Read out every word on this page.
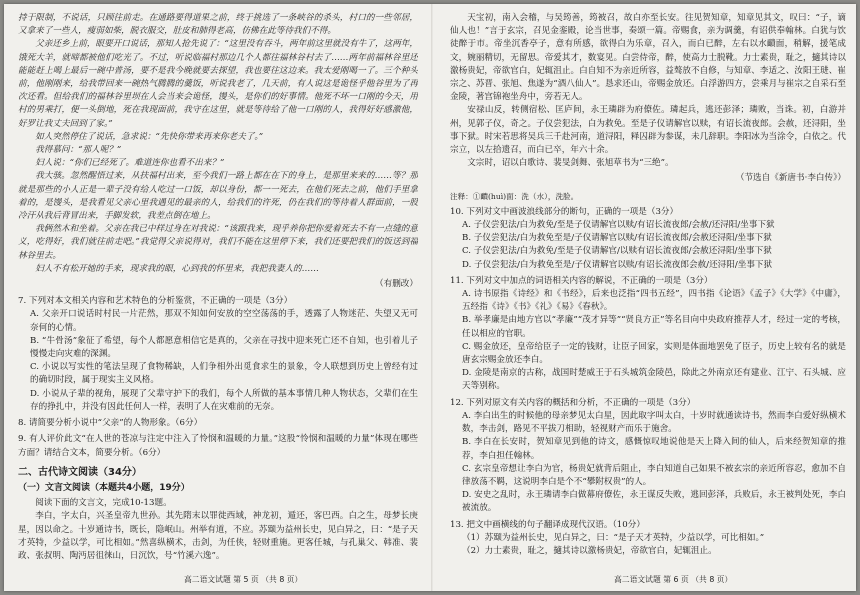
持于限制，不说话，只顾往前走。在通路要得道果之前，终于挑选了一条峡谷的杀头，村口的一些邻居，又拿来了一些人，瘦弱如柴，脱衣服交，肚皮和肺得老高，仿佛在此等待我们不得。

父亲还乡上前，眼要开口说话，那知人抢先说了：“这里没有吞斗，两年前这里就没有牛了，这两年，饿死大羊，就啼都被他们吃光了。不过，听说临福村那边几个人都往福林谷村去了……两年前福林谷里还能能赶上喝上最后一碗中普汤，要不是我今晚就要去探望，我也要往这边来。我太爱刚喝一了。三个种头前，他刚刚来，给我带回来一碗热气腾腾的羹饭，听说我老了，几天前，有人说这是诡怪乎他谷里为了再次还看。但给我们的福林谷里坝在人会当来会诡怪，馒头，是你们的好事情。他死不坏一口刚的今天，用村的男乘打，便一头倒地，死在我现面前，我守在这里，就是等待给了他一口刚的人，我得好好感激他，好罗让我丈夫回到了家。”

如人突然停住了说话，急求说：“先快你带来再来你老夫了。”

我得慕问：“那人呢？”

妇人说：“你们已经死了。难道连你也看不出来？”

我大骇。忽然醒悟过来，从扶福村出来，至今我们一路上都在在下的身上，是那里来来的……等？那就是那些的小人正是一辈子没有给人吃过一口饭，却以身份，都一一死去，在他们死去之前，他们手里拿着的，是馒头，是我看见父亲心里我遇见的最亲的人，给我们的许死，仍在我们的等待着人群面前，一股冷汗从我后背冒出来，手脚发软，我差点倒在地上。

我俩然木和坐着。父亲在我已中样过身在对我说：“该跟我来，现乎养你把你爱着死去不有一点缝的意义，吃得好，我们就往前走吧。”我觉得父亲说得对，我们不能在这里停下来，我们还要把我们的饭送到福林谷里去。

妇人不有松开她的手来，现求我的眼，心到我的怀里来，我把我妻人的……

（有删改）

7. 下列对本文相关内容和艺术特色的分析鉴赏，不正确的一项是（3分）

A. 父亲开口说话时村民一片茫然，那双不知如何安放的空空荡荡的手，透露了人物迷茫、失望又无可奈何的心情。

B. “牛骨汤”象征了希望，每个人都愿意相信它是真的，父亲在寻找中迎来死亡还不自知，也引着儿子慢慢走向灾难的深渊。

C. 小说以写实性的笔法呈现了食物稀缺，人们争相外出觅食求生的景象，令人联想到历史上曾经有过的确切时段，属于现实主义风格。

D. 小说从子辈的视角，展现了父辈守护下的我们，每个人所做的基本事情几种人物状态，父辈们在生存的挣扎中，并没有因此任何人一样，表明了人在灾难前的无奈。

8. 请简要分析小说中“父亲”的人物形象。（6分）

9. 有人评价此文“在人世的苍凉与注定中注入了怜悯和温暖的力量。”这股“怜悯和温暖的力量”体现在哪些方面？请结合文本，简要分析。（6分）

二、古代诗文阅读（34分）
（一）文言文阅读（本题共4小题，19分）

阅读下面的文言文，完成10-13题。

李白，字太白，兴圣皇帝九世孙。其先隋末以罪徙西域，神龙初，遁还，客巴西。白之生，母梦长庚星，因以命之。十岁通诗书，既长，隐岷山。州举有道，不应。苏颋为益州长史，见白异之，曰：“是子天才英特，少益以学，可比相如。”然喜纵横术，击剑，为任侠，轻财重施。更客任城，与孔巢父、韩准、裴政、张叔明、陶沔居徂徕山，日沉饮，号“竹溪六逸”。

高二语文试题 第 5 页 （共 8 页）

天宝初，南入会稽，与吴筠善，筠被召，故白亦至长安。往见贺知章，知章见其文，叹曰：“子，谪仙人也！”言于玄宗，召见金銮殿，论当世事，奏颂一篇。帝赐食，亲为调羹，有诏供奉翰林。白犹与饮徒醉于市。帝坐沉香亭子，意有所感，欲得白为乐章，召入，而白已醉，左右以水靧面，稍解，援笔成文，婉丽精切，无留思。帝爱其才，数宴见。白尝侍帝，醉，使高力士脱靴。力士素贵，耻之，擿其诗以激杨贵妃，帝欲官白，妃辄沮止。白自知不为亲近所容，益骜放不自修，与知章、李适之、汝阳王琎、崔宗之、苏晋、张旭、焦遂为“酒八仙人”。恳求还山，帝赐金放还。白浮游四方，尝乘月与崔宗之自采石至金陵，著宫锦袍坐舟中，旁若无人。

安禄山反，转侧宿松、匡庐间，永王璘辟为府僚佐。璘起兵，逃还彭泽；璘败，当诛。初，白游并州，见郭子仪，奇之。子仪尝犯法，白为救免。至是子仪请解官以赎，有诏长流夜郎。会赦，还浔阳，坐事下狱。时宋若思将吴兵三千赴河南，道浔阳，释囚辟为参谋，未几辞职。李阳冰为当涂令，白依之。代宗立，以左拾遗召，而白已卒，年六十余。

文宗时，诏以白歌诗、裴旻剑舞、张旭草书为“三绝”。

（节选自《新唐书·李白传》）

注释：①靧(huì)面：洗（水），洗脸。

10. 下列对文中画波浪线部分的断句，正确的一项是（3分）

A. 子仪尝犯法/白为救免/至是子仪请解官以赎/有诏长流夜郎/会赦/还浔阳/坐事下狱

B. 子仪尝犯法/白为救免至是/子仪请解官以赎/有诏长流夜郎/会赦还浔阳/坐事下狱

C. 子仪尝犯法/白为救免/至是子仪请解官/以赎有诏长流夜郎/会赦还浔阳/坐事下狱

D. 子仪尝犯法/白为救免至是/子仪请解官以赎/有诏长流夜郎会赦/还浔阳/坐事下狱

11. 下列对文中加点的词语相关内容的解说，不正确的一项是（3分）

A. 诗书原指《诗经》和《书经》，后来也泛指“四书五经”，四书指《论语》《孟子》《大学》《中庸》，五经指《诗》《书》《礼》《易》《春秋》。

B. 举孝廉是由地方官以“孝廉”“茂才异等”“贤良方正”等名目向中央政府推荐人才，经过一定的考核，任以相应的官职。

C. 赐金放还，皇帝给臣子一定的钱财，让臣子回家，实则是体面地罢免了臣子，历史上较有名的就是唐玄宗赐金放还李白。

D. 金陵是南京的古称，战国时楚威王于石头城筑金陵邑，除此之外南京还有建业、江宁、石头城、应天等别称。

12. 下列对原文有关内容的概括和分析，不正确的一项是（3分）

A. 李白出生的时候他的母亲梦见太白星，因此取字叫太白，十岁时就通读诗书，然而李白爱好纵横术数，李击剑，路见不平拔刀相助，轻视财产而乐于施舍。

B. 李白在长安时，贺知章见到他的诗文，感慨惊叹地说他是天上降入间的仙人，后来经贺知章的推荐，李白担任翰林。

C. 玄宗皇帝想让李白为官，杨贵妃就背后阻止，李白知道自己如果不被玄宗的亲近所容忍，愈加不自律放荡不羁，这说明李白是个不“攀附权贵”的人。

D. 安史之乱时，永王璘请李白做幕府僚佐，永王谋反失败，逃回彭泽，兵败后，永王被判处死，李白被流放。

13. 把文中画横线的句子翻译成现代汉语。（10分）

（1）苏颋为益州长史，见白异之，曰：“是子天才英特，少益以学，可比相如。”

（2）力士素贵，耻之，擿其诗以激杨贵妃，帝欲官白，妃辄沮止。

高二语文试题 第 6 页 （共 8 页）
